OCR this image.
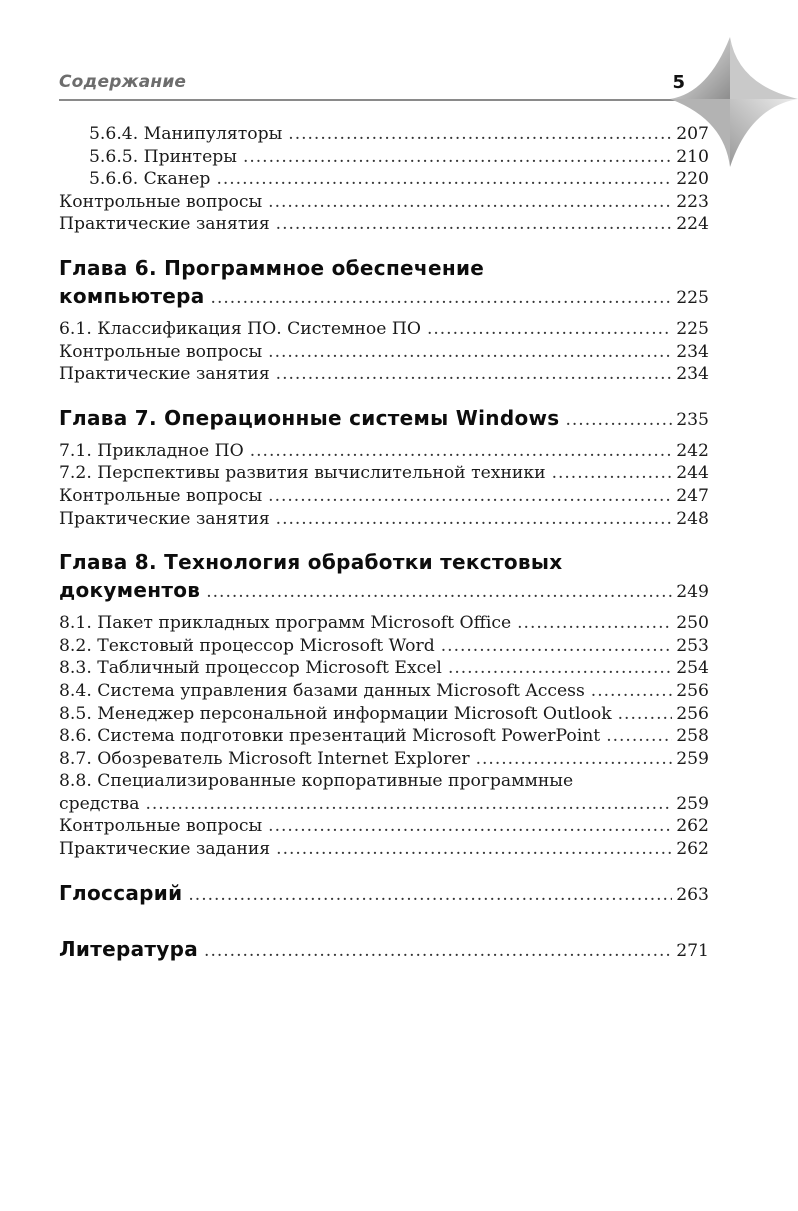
Содержание	5
5.6.4. Манипуляторы . . .	207
5.6.5. Принтеры . . .	210
5.6.6. Сканер . . .	220
Контрольные вопросы . . .	223
Практические занятия . . .	224
Глава 6. Программное обеспечение
компьютера . . .	225
6.1. Классификация ПО. Системное ПО . . .	225
Контрольные вопросы . . .	234
Практические занятия . . .	234
Глава 7. Операционные системы Windows . . .	235
7.1. Прикладное ПО . . .	242
7.2. Перспективы развития вычислительной техники . . .	244
Контрольные вопросы . . .	247
Практические занятия . . .	248
Глава 8. Технология обработки текстовых
документов . . .	249
8.1. Пакет прикладных программ Microsoft Office . . .	250
8.2. Текстовый процессор Microsoft Word . . .	253
8.3. Табличный процессор Microsoft Excel . . .	254
8.4. Система управления базами данных Microsoft Access . . .	256
8.5. Менеджер персональной информации Microsoft Outlook . . .	256
8.6. Система подготовки презентаций Microsoft PowerPoint . . .	258
8.7. Обозреватель Microsoft Internet Explorer . . .	259
8.8. Специализированные корпоративные программные
средства . . .	259
Контрольные вопросы . . .	262
Практические задания . . .	262
Глоссарий . . .	263
Литература . . .	271
